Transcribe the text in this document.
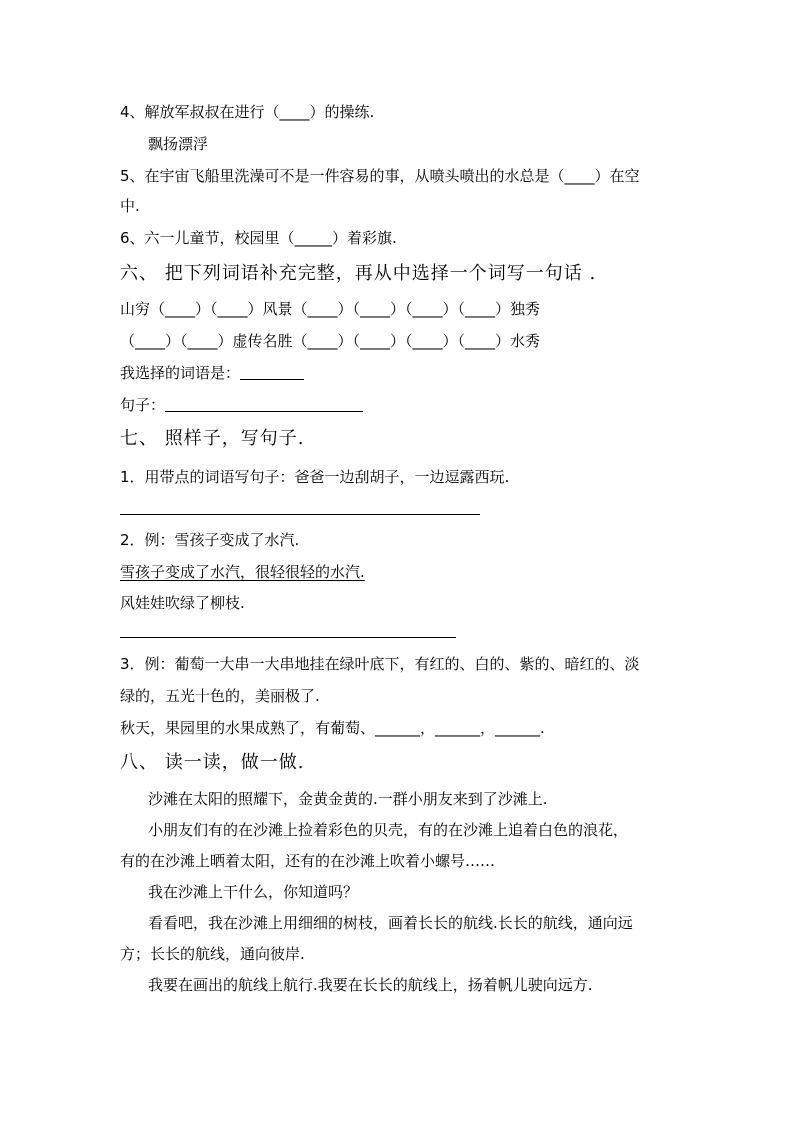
4、解放军叔叔在进行（____）的操练.
飘扬漂浮
5、在宇宙飞船里洗澡可不是一件容易的事，从喷头喷出的水总是（____）在空
中.
6、六一儿童节，校园里（_____）着彩旗.
六、 把下列词语补充完整，再从中选择一个词写一句话 .
山穷（____）（____）风景（____）（____）（____）（____）独秀
（____）（____）虚传名胜（____）（____）（____）（____）水秀
我选择的词语是：
句子：
七、 照样子，写句子.
1．用带点的词语写句子：爸爸一边刮胡子，一边逗露西玩.
2．例：雪孩子变成了水汽.
雪孩子变成了水汽，很轻很轻的水汽.
风娃娃吹绿了柳枝.
3．例：葡萄一大串一大串地挂在绿叶底下，有红的、白的、紫的、暗红的、淡
绿的，五光十色的，美丽极了.
秋天，果园里的水果成熟了，有葡萄、______，______，______.
八、 读一读，做一做.
沙滩在太阳的照耀下，金黄金黄的.一群小朋友来到了沙滩上.
小朋友们有的在沙滩上捡着彩色的贝壳，有的在沙滩上追着白色的浪花，
有的在沙滩上晒着太阳，还有的在沙滩上吹着小螺号……
我在沙滩上干什么，你知道吗？
看看吧，我在沙滩上用细细的树枝，画着长长的航线.长长的航线，通向远
方；长长的航线，通向彼岸.
我要在画出的航线上航行.我要在长长的航线上，扬着帆儿驶向远方.
